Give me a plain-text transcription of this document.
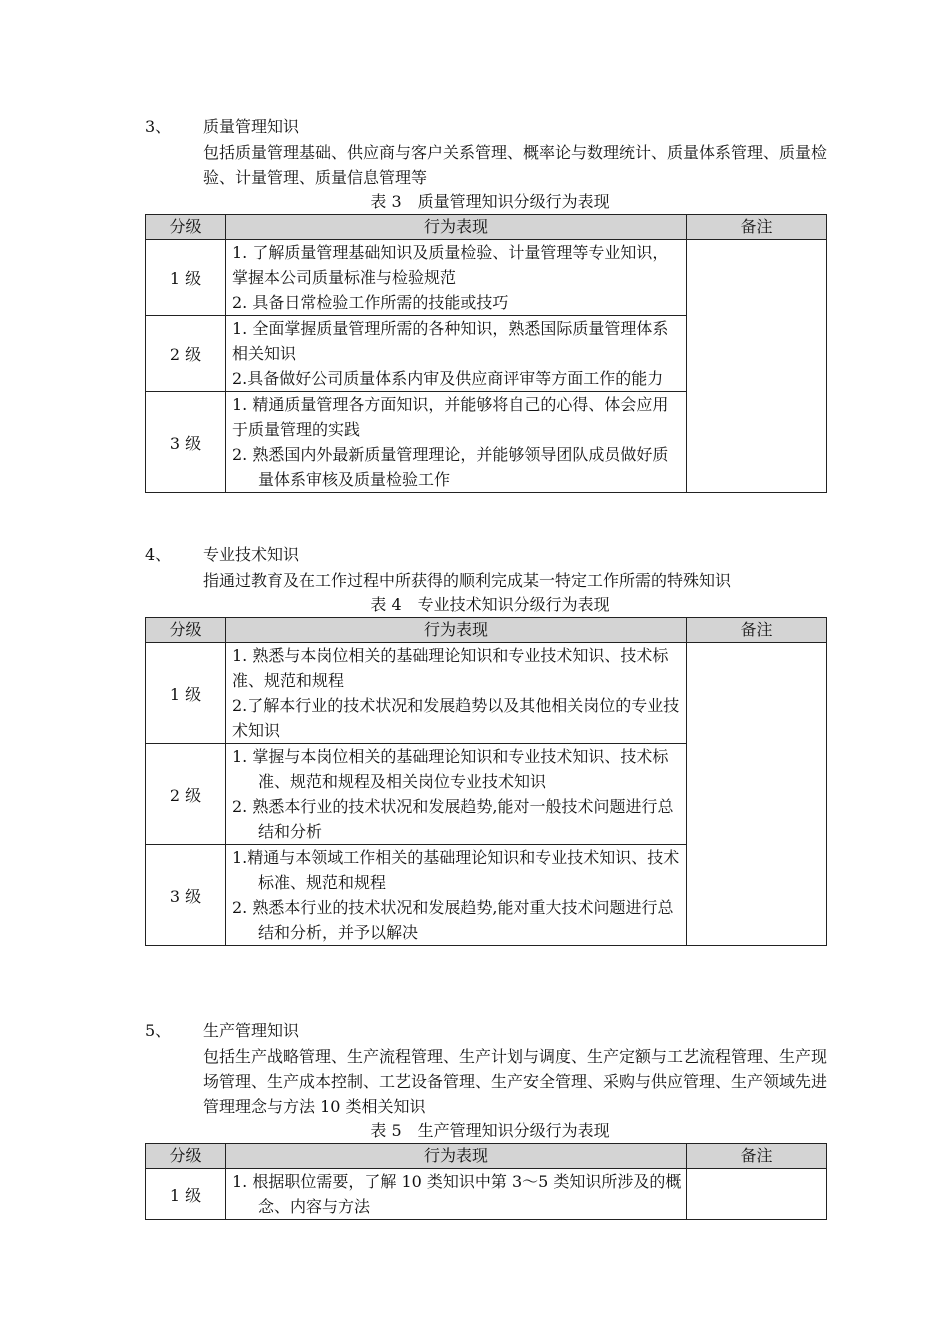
3、 质量管理知识
包括质量管理基础、供应商与客户关系管理、概率论与数理统计、质量体系管理、质量检验、计量管理、质量信息管理等
表 3　质量管理知识分级行为表现
分级	行为表现	备注
1 级	1. 了解质量管理基础知识及质量检验、计量管理等专业知识，掌握本公司质量标准与检验规范
2. 具备日常检验工作所需的技能或技巧	

2 级	1. 全面掌握质量管理所需的各种知识，熟悉国际质量管理体系相关知识
2.具备做好公司质量体系内审及供应商评审等方面工作的能力	

3 级	1. 精通质量管理各方面知识，并能够将自己的心得、体会应用于质量管理的实践
2. 熟悉国内外最新质量管理理论，并能够领导团队成员做好质量体系审核及质量检验工作	
4、 专业技术知识
指通过教育及在工作过程中所获得的顺利完成某一特定工作所需的特殊知识
表 4　专业技术知识分级行为表现
分级	行为表现	备注
1 级	1. 熟悉与本岗位相关的基础理论知识和专业技术知识、技术标准、规范和规程
2.了解本行业的技术状况和发展趋势以及其他相关岗位的专业技术知识	

2 级	1. 掌握与本岗位相关的基础理论知识和专业技术知识、技术标准、规范和规程及相关岗位专业技术知识
2. 熟悉本行业的技术状况和发展趋势,能对一般技术问题进行总结和分析	

3 级	1.精通与本领域工作相关的基础理论知识和专业技术知识、技术标准、规范和规程
2. 熟悉本行业的技术状况和发展趋势,能对重大技术问题进行总结和分析，并予以解决	
5、 生产管理知识
包括生产战略管理、生产流程管理、生产计划与调度、生产定额与工艺流程管理、生产现场管理、生产成本控制、工艺设备管理、生产安全管理、采购与供应管理、生产领域先进管理理念与方法 10 类相关知识
表 5　生产管理知识分级行为表现
分级	行为表现	备注
1 级	1. 根据职位需要，了解 10 类知识中第 3～5 类知识所涉及的概念、内容与方法	
